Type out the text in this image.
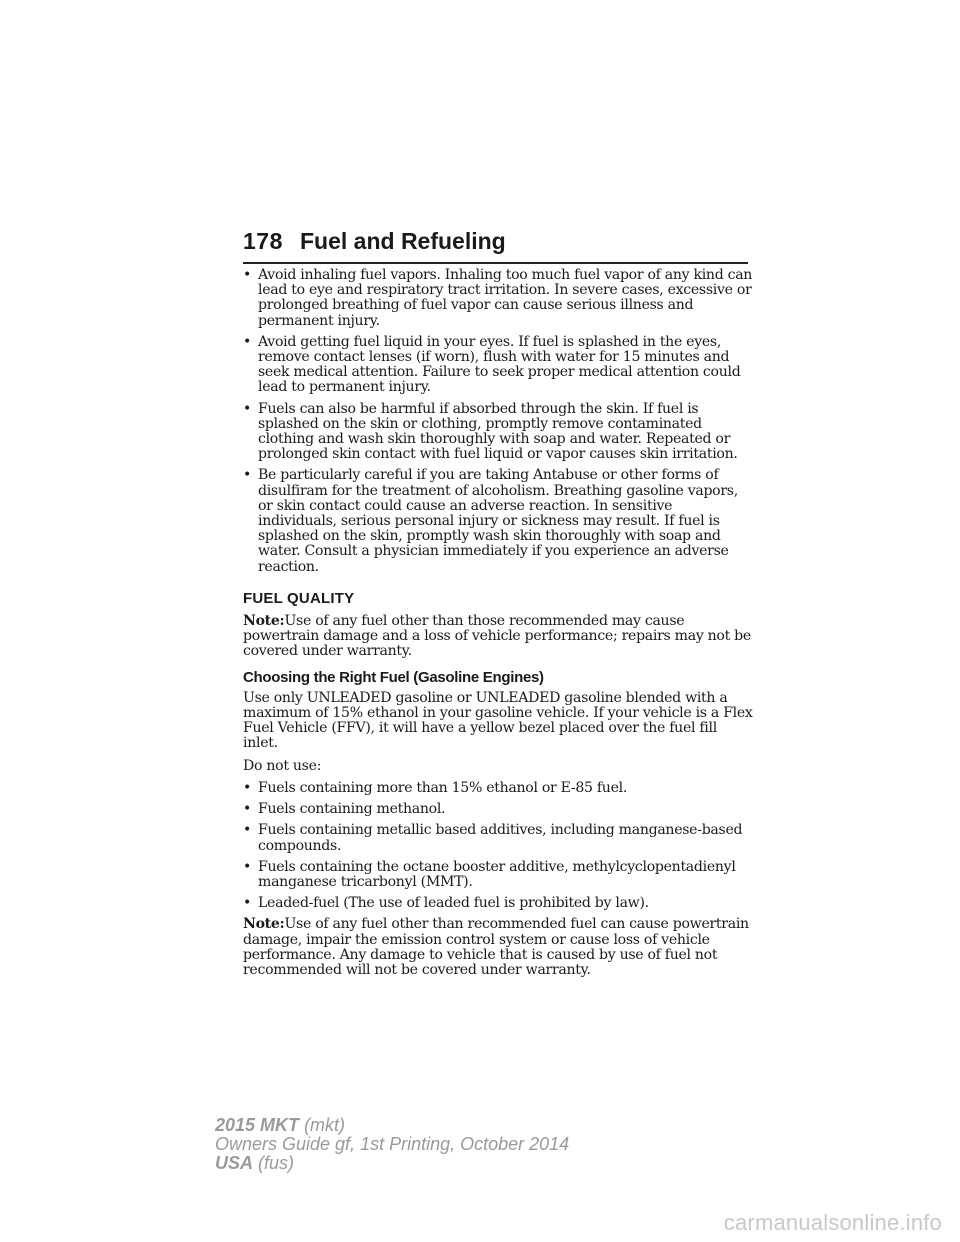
178 Fuel and Refueling
• Avoid inhaling fuel vapors. Inhaling too much fuel vapor of any kind can lead to eye and respiratory tract irritation. In severe cases, excessive or prolonged breathing of fuel vapor can cause serious illness and permanent injury.
• Avoid getting fuel liquid in your eyes. If fuel is splashed in the eyes, remove contact lenses (if worn), flush with water for 15 minutes and seek medical attention. Failure to seek proper medical attention could lead to permanent injury.
• Fuels can also be harmful if absorbed through the skin. If fuel is splashed on the skin or clothing, promptly remove contaminated clothing and wash skin thoroughly with soap and water. Repeated or prolonged skin contact with fuel liquid or vapor causes skin irritation.
• Be particularly careful if you are taking Antabuse or other forms of disulfiram for the treatment of alcoholism. Breathing gasoline vapors, or skin contact could cause an adverse reaction. In sensitive individuals, serious personal injury or sickness may result. If fuel is splashed on the skin, promptly wash skin thoroughly with soap and water. Consult a physician immediately if you experience an adverse reaction.
FUEL QUALITY

Note:Use of any fuel other than those recommended may cause powertrain damage and a loss of vehicle performance; repairs may not be covered under warranty.

Choosing the Right Fuel (Gasoline Engines)

Use only UNLEADED gasoline or UNLEADED gasoline blended with a maximum of 15% ethanol in your gasoline vehicle. If your vehicle is a Flex Fuel Vehicle (FFV), it will have a yellow bezel placed over the fuel fill inlet.

Do not use:

• Fuels containing more than 15% ethanol or E-85 fuel.
• Fuels containing methanol.
• Fuels containing metallic based additives, including manganese-based compounds.
• Fuels containing the octane booster additive, methylcyclopentadienyl manganese tricarbonyl (MMT).
• Leaded-fuel (The use of leaded fuel is prohibited by law).

Note:Use of any fuel other than recommended fuel can cause powertrain damage, impair the emission control system or cause loss of vehicle performance. Any damage to vehicle that is caused by use of fuel not recommended will not be covered under warranty.

2015 MKT (mkt)
Owners Guide gf, 1st Printing, October 2014
USA (fus)
carmanualsonline.info
